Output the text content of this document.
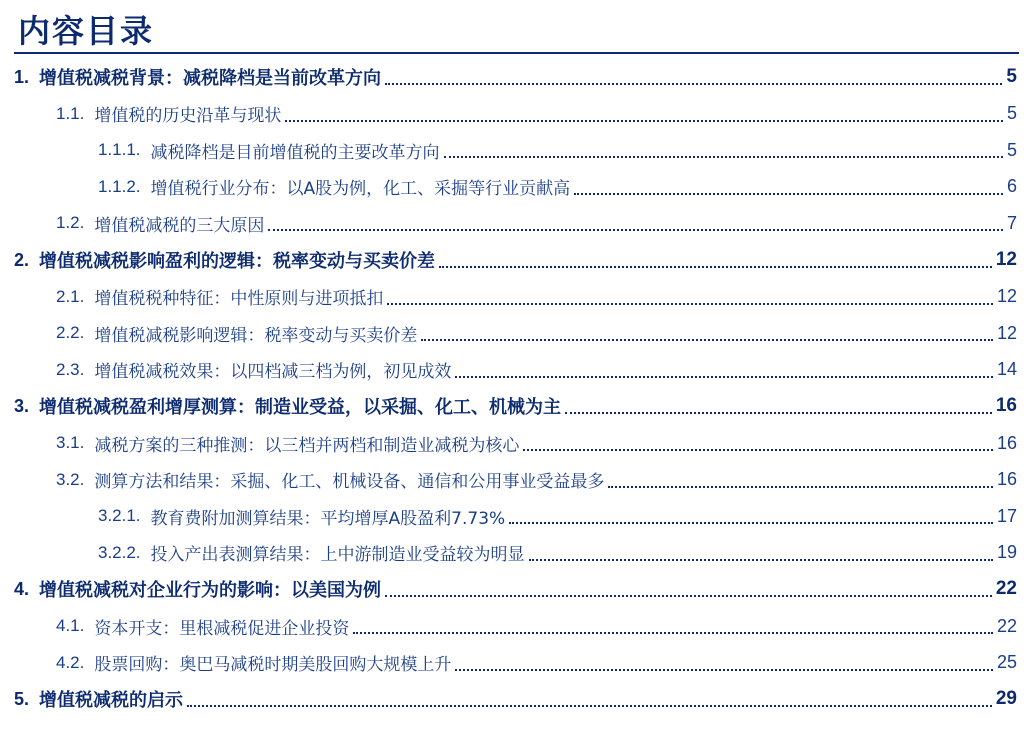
内容目录
1. 增值税减税背景：减税降档是当前改革方向	5
1.1. 增值税的历史沿革与现状	5
1.1.1. 减税降档是目前增值税的主要改革方向	5
1.1.2. 增值税行业分布：以A股为例，化工、采掘等行业贡献高	6
1.2. 增值税减税的三大原因	7
2. 增值税减税影响盈利的逻辑：税率变动与买卖价差	12
2.1. 增值税税种特征：中性原则与进项抵扣	12
2.2. 增值税减税影响逻辑：税率变动与买卖价差	12
2.3. 增值税减税效果：以四档减三档为例，初见成效	14
3. 增值税减税盈利增厚测算：制造业受益，以采掘、化工、机械为主	16
3.1. 减税方案的三种推测：以三档并两档和制造业减税为核心	16
3.2. 测算方法和结果：采掘、化工、机械设备、通信和公用事业受益最多	16
3.2.1. 教育费附加测算结果：平均增厚A股盈利7.73%	17
3.2.2. 投入产出表测算结果：上中游制造业受益较为明显	19
4. 增值税减税对企业行为的影响：以美国为例	22
4.1. 资本开支：里根减税促进企业投资	22
4.2. 股票回购：奥巴马减税时期美股回购大规模上升	25
5. 增值税减税的启示	29
